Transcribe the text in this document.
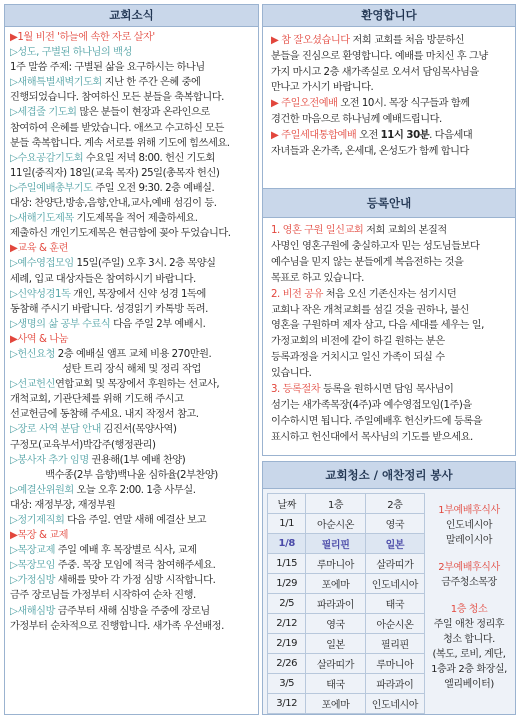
교회소식

▶1월 비전 '하늘에 속한 자로 살자'

▷성도, 구별된 하나님의 백성

1주 말씀 주제: 구별된 삶을 요구하시는 하나님

▷새해특별새벽기도회 지난 한 주간 은혜 중에

진행되었습니다. 참여하신 모든 분들을 축복합니다.

▷세겹줄 기도회 많은 분들이 현장과 온라인으로

참여하여 은혜를 받았습니다. 애쓰고 수고하신 모든

분들 축복합니다. 계속 서로를 위해 기도에 힘쓰세요.

▷수요공감기도회 수요일 저녁 8:00. 헌신 기도회

11일(중직자) 18일(교육 목자) 25일(총목자 헌신)

▷주일예배총부기도 주일 오전 9:30. 2층 예배실.

대상: 찬양단,방송,음향,안내,교사,예배 섬김이 등.

▷새해기도제목 기도제목을 적어 제출하세요.

제출하신 개인기도제목은 현금함에 꽂아 두었습니다.

▶교육 & 훈련

▷예수영접모임 15일(주일) 오후 3시. 2층 목양실

세례, 입교 대상자들은 참여하시기 바랍니다.

▷신약성경1독 개인, 목장에서 신약 성경 1독에

동참해 주시기 바랍니다. 성경읽기 카톡방 독려.

▷생명의 삶 공부 수료식 다음 주일 2부 예배시.

▶사역 & 나눔

▷헌신요청 2층 예배실 앰프 교체 비용 270만원.

성탄 트리 장식 해체 및 정리 작업

▷선교헌신연합교회 및 목장에서 후원하는 선교사,

개척교회, 기관단체를 위해 기도해 주시고

선교헌금에 동참해 주세요. 내지 작정서 참고.

▷장로 사역 분담 안내 김진서(목양사역)

구정모(교육부서)박갑주(행정관리)

▷봉사자 추가 임명 권용해(1부 예배 찬양)

백수종(2부 음향)백나윤 심하율(2부찬양)

▷예결산위원회 오늘 오후 2:00. 1층 사무실.

대상: 재정부장, 재정부원

▷정기제직회 다음 주일. 연말 새해 예결산 보고

▶목장 & 교제

▷목장교제 주일 예배 후 목장별로 식사, 교제

▷목장모임 주중. 목장 모임에 적극 참여해주세요.

▷가정심방 새해를 맞아 각 가정 심방 시작합니다.

금주 장로님들 가정부터 시작하여 순차 진행.

▷새해심방 금주부터 새해 심방을 주중에 장로님

가정부터 순차적으로 진행합니다. 새가족 우선배정.

환영합니다

▶ 참 잘오셨습니다 저희 교회를 처음 방문하신

분들을 진심으로 환영합니다. 예배를 마치신 후 그냥

가지 마시고 2층 새가족실로 오셔서 담임목사님을

만나고 가시기 바랍니다.

▶ 주일오전예배 오전 10시. 목장 식구들과 함께

경건한 마음으로 하나님께 예배드립니다.

▶ 주일세대통합예배 오전 11시 30분. 다음세대

자녀들과 온가족, 온세대, 온성도가 함께 합니다

등록안내

1. 영혼 구원 일신교회 저희 교회의 본질적

사명인 영혼구원에 충실하고자 믿는 성도님들보다

예수님을 믿지 않는 분들에게 복음전하는 것을

목표로 하고 있습니다.

2. 비전 공유 처음 오신 기존신자는 섬기시던

교회나 작은 개척교회를 섬길 것을 권하나, 불신

영혼을 구원하며 제자 삼고, 다음 세대를 세우는 일,

가정교회의 비전에 같이 하길 원하는 분은

등록과정을 거치시고 일신 가족이 되실 수

있습니다.

3. 등록절차 등록을 원하시면 담임 목사님이

섬기는 새가족목장(4주)과 예수영접모임(1주)을

이수하시면 됩니다. 주일예배후 헌신카드에 등록을

표시하고 헌신대에서 목사님의 기도를 받으세요.

교회청소 / 애찬정리 봉사
날짜	1층	2층
1/1	아순시온	영국
1/8	필리핀	일본
1/15	루마니아	살라띠가
1/29	포에마	인도네시아
2/5	파라과이	태국
2/12	영국	아순시온
2/19	일본	필리핀
2/26	살라띠가	루마니아
3/5	태국	파라과이
3/12	포에마	인도네시아
1부예배후식사
인도네시아
말레이시아
2부예배후식사
금주청소목장
1층 청소
주일 애찬 정리후
청소 합니다.
(복도, 로비, 계단,
1층과 2층 화장실,
엘리베이터)
